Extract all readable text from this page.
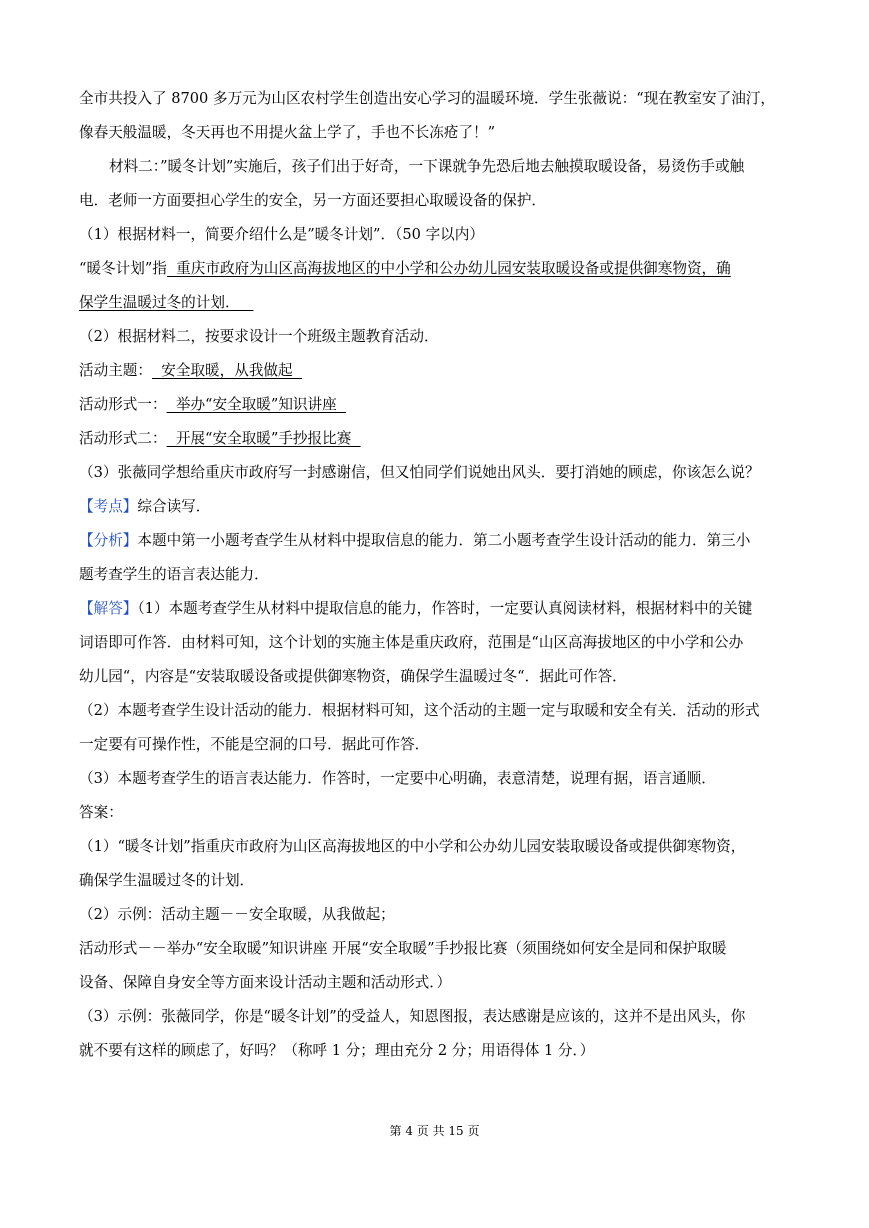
全市共投入了 8700 多万元为山区农村学生创造出安心学习的温暖环境．学生张薇说：“现在教室安了油汀，
像春天般温暖，冬天再也不用提火盆上学了，手也不长冻疮了！”
材料二：”暖冬计划”实施后，孩子们出于好奇，一下课就争先恐后地去触摸取暖设备，易烫伤手或触
电．老师一方面要担心学生的安全，另一方面还要担心取暖设备的保护．
（1）根据材料一，简要介绍什么是”暖冬计划”．（50 字以内）
“暖冬计划”指  重庆市政府为山区高海拔地区的中小学和公办幼儿园安装取暖设备或提供御寒物资，确
保学生温暖过冬的计划．
（2）根据材料二，按要求设计一个班级主题教育活动．
活动主题：  安全取暖，从我做起
活动形式一：  举办“安全取暖”知识讲座
活动形式二：  开展“安全取暖”手抄报比赛
（3）张薇同学想给重庆市政府写一封感谢信，但又怕同学们说她出风头．要打消她的顾虑，你该怎么说？
【考点】综合读写．
【分析】本题中第一小题考查学生从材料中提取信息的能力．第二小题考查学生设计活动的能力．第三小
题考查学生的语言表达能力．
【解答】（1）本题考查学生从材料中提取信息的能力，作答时，一定要认真阅读材料，根据材料中的关键
词语即可作答．由材料可知，这个计划的实施主体是重庆政府，范围是“山区高海拔地区的中小学和公办
幼儿园“，内容是“安装取暖设备或提供御寒物资，确保学生温暖过冬“．据此可作答．
（2）本题考查学生设计活动的能力．根据材料可知，这个活动的主题一定与取暖和安全有关．活动的形式
一定要有可操作性，不能是空洞的口号．据此可作答．
（3）本题考查学生的语言表达能力．作答时，一定要中心明确，表意清楚，说理有据，语言通顺．
答案：
（1）“暖冬计划”指重庆市政府为山区高海拔地区的中小学和公办幼儿园安装取暖设备或提供御寒物资，
确保学生温暖过冬的计划．
（2）示例：活动主题－－安全取暖，从我做起；
活动形式－－举办“安全取暖”知识讲座 开展“安全取暖”手抄报比赛（须围绕如何安全是同和保护取暖
设备、保障自身安全等方面来设计活动主题和活动形式．）
（3）示例：张薇同学，你是“暖冬计划”的受益人，知恩图报，表达感谢是应该的，这并不是出风头，你
就不要有这样的顾虑了，好吗？（称呼 1 分；理由充分 2 分；用语得体 1 分．）
第 4 页 共 15 页
